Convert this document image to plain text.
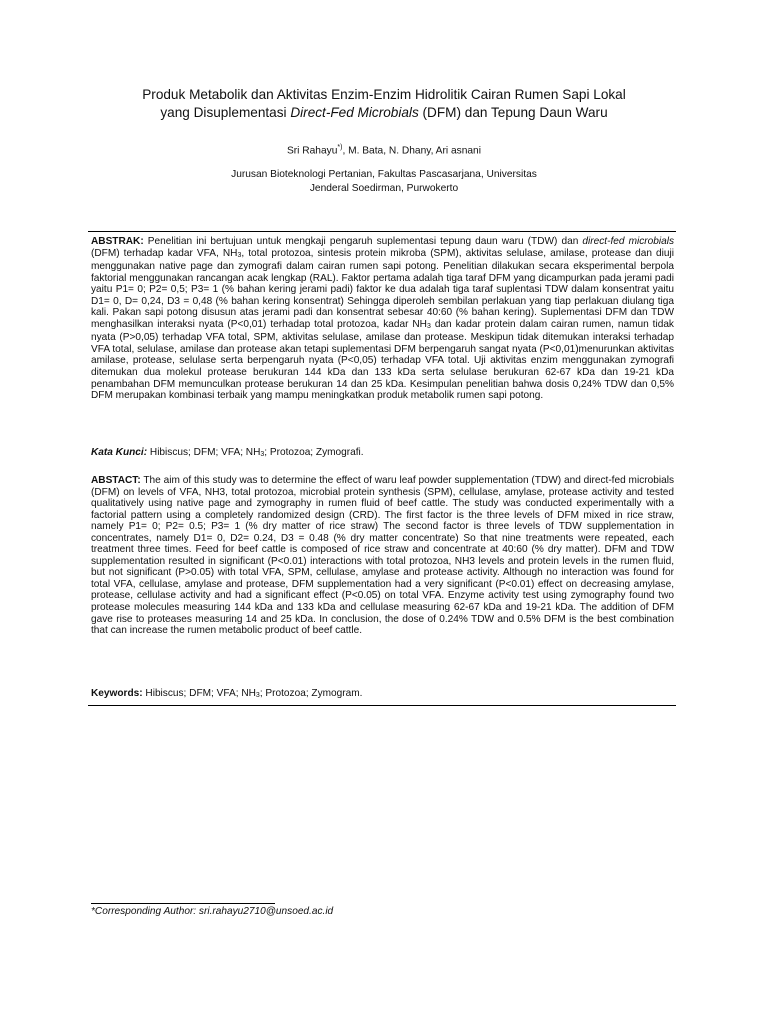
Produk Metabolik dan Aktivitas Enzim-Enzim Hidrolitik Cairan Rumen Sapi Lokal
yang Disuplementasi Direct-Fed Microbials (DFM) dan Tepung Daun Waru
Sri Rahayu*), M. Bata, N. Dhany, Ari asnani
Jurusan Bioteknologi Pertanian, Fakultas Pascasarjana, Universitas
Jenderal Soedirman, Purwokerto

ABSTRAK: Penelitian ini bertujuan untuk mengkaji pengaruh suplementasi tepung daun waru (TDW) dan direct-fed microbials (DFM) terhadap kadar VFA, NH3, total protozoa, sintesis protein mikroba (SPM), aktivitas selulase, amilase, protease dan diuji menggunakan native page dan zymografi dalam cairan rumen sapi potong. Penelitian dilakukan secara eksperimental berpola faktorial menggunakan rancangan acak lengkap (RAL). Faktor pertama adalah tiga taraf DFM yang dicampurkan pada jerami padi yaitu P1= 0; P2= 0,5; P3= 1 (% bahan kering jerami padi) faktor ke dua adalah tiga taraf suplentasi TDW dalam konsentrat yaitu D1= 0, D= 0,24, D3 = 0,48 (% bahan kering konsentrat) Sehingga diperoleh sembilan perlakuan yang tiap perlakuan diulang tiga kali. Pakan sapi potong disusun atas jerami padi dan konsentrat sebesar 40:60 (% bahan kering). Suplementasi DFM dan TDW menghasilkan interaksi nyata (P<0,01) terhadap total protozoa, kadar NH3 dan kadar protein dalam cairan rumen, namun tidak nyata (P>0,05) terhadap VFA total, SPM, aktivitas selulase, amilase dan protease. Meskipun tidak ditemukan interaksi terhadap VFA total, selulase, amilase dan protease akan tetapi suplementasi DFM berpengaruh sangat nyata (P<0,01)menurunkan aktivitas amilase, protease, selulase serta berpengaruh nyata (P<0,05) terhadap VFA total. Uji aktivitas enzim menggunakan zymografi ditemukan dua molekul protease berukuran 144 kDa dan 133 kDa serta selulase berukuran 62-67 kDa dan 19-21 kDa penambahan DFM memunculkan protease berukuran 14 dan 25 kDa. Kesimpulan penelitian bahwa dosis 0,24% TDW dan 0,5% DFM merupakan kombinasi terbaik yang mampu meningkatkan produk metabolik rumen sapi potong.

Kata Kunci: Hibiscus; DFM; VFA; NH3; Protozoa; Zymografi.

ABSTACT: The aim of this study was to determine the effect of waru leaf powder supplementation (TDW) and direct-fed microbials (DFM) on levels of VFA, NH3, total protozoa, microbial protein synthesis (SPM), cellulase, amylase, protease activity and tested qualitatively using native page and zymography in rumen fluid of beef cattle. The study was conducted experimentally with a factorial pattern using a completely randomized design (CRD). The first factor is the three levels of DFM mixed in rice straw, namely P1= 0; P2= 0.5; P3= 1 (% dry matter of rice straw) The second factor is three levels of TDW supplementation in concentrates, namely D1= 0, D2= 0.24, D3 = 0.48 (% dry matter concentrate) So that nine treatments were repeated, each treatment three times. Feed for beef cattle is composed of rice straw and concentrate at 40:60 (% dry matter). DFM and TDW supplementation resulted in significant (P<0.01) interactions with total protozoa, NH3 levels and protein levels in the rumen fluid, but not significant (P>0.05) with total VFA, SPM, cellulase, amylase and protease activity. Although no interaction was found for total VFA, cellulase, amylase and protease, DFM supplementation had a very significant (P<0.01) effect on decreasing amylase, protease, cellulase activity and had a significant effect (P<0.05) on total VFA. Enzyme activity test using zymography found two protease molecules measuring 144 kDa and 133 kDa and cellulase measuring 62-67 kDa and 19-21 kDa. The addition of DFM gave rise to proteases measuring 14 and 25 kDa. In conclusion, the dose of 0.24% TDW and 0.5% DFM is the best combination that can increase the rumen metabolic product of beef cattle.

Keywords: Hibiscus; DFM; VFA; NH3; Protozoa; Zymogram.

*Corresponding Author: sri.rahayu2710@unsoed.ac.id
